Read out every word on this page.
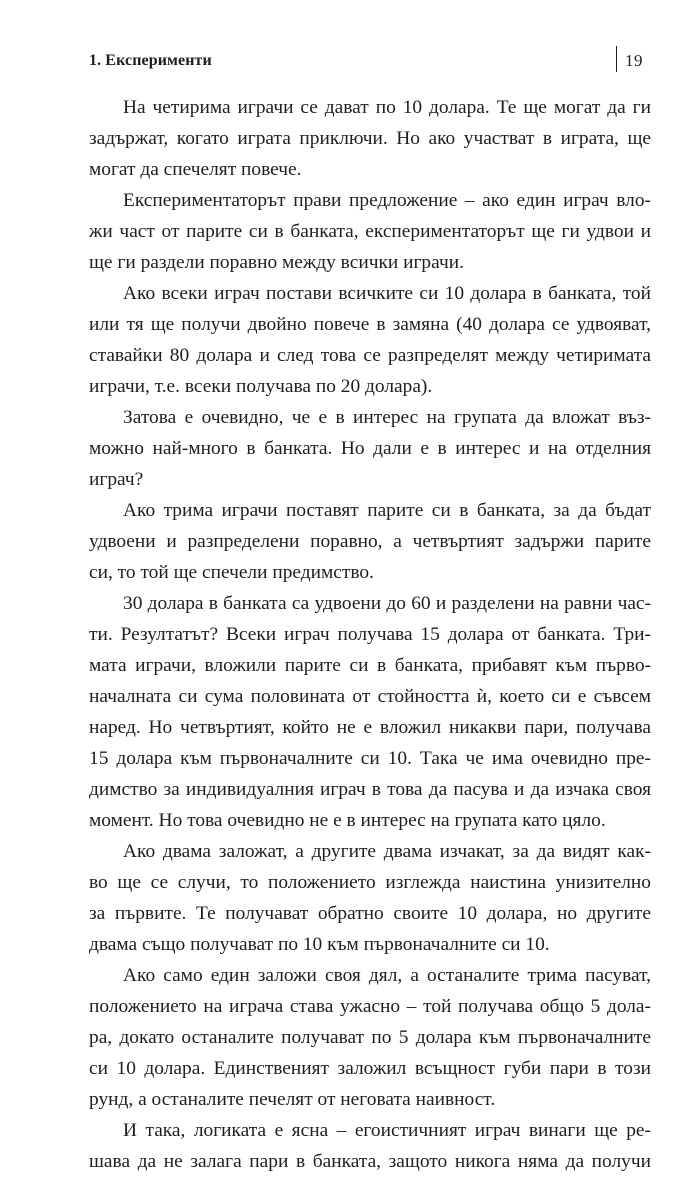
1. Експерименти	19
На четирима играчи се дават по 10 долара. Те ще могат да ги
задържат, когато играта приключи. Но ако участват в играта, ще
могат да спечелят повече.
Експериментаторът прави предложение – ако един играч вло-
жи част от парите си в банката, експериментаторът ще ги удвои и
ще ги раздели поравно между всички играчи.
Ако всеки играч постави всичките си 10 долара в банката, той
или тя ще получи двойно повече в замяна (40 долара се удвояват,
ставайки 80 долара и след това се разпределят между четиримата
играчи, т.е. всеки получава по 20 долара).
Затова е очевидно, че е в интерес на групата да вложат въз-
можно най-много в банката. Но дали е в интерес и на отделния
играч?
Ако трима играчи поставят парите си в банката, за да бъдат
удвоени и разпределени поравно, а четвъртият задържи парите
си, то той ще спечели предимство.
30 долара в банката са удвоени до 60 и разделени на равни час-
ти. Резултатът? Всеки играч получава 15 долара от банката. Три-
мата играчи, вложили парите си в банката, прибавят към първо-
началната си сума половината от стойността ѝ, което си е съвсем
наред. Но четвъртият, който не е вложил никакви пари, получава
15 долара към първоначалните си 10. Така че има очевидно пре-
димство за индивидуалния играч в това да пасува и да изчака своя
момент. Но това очевидно не е в интерес на групата като цяло.
Ако двама заложат, а другите двама изчакат, за да видят как-
во ще се случи, то положението изглежда наистина унизително
за първите. Те получават обратно своите 10 долара, но другите
двама също получават по 10 към първоначалните си 10.
Ако само един заложи своя дял, а останалите трима пасуват,
положението на играча става ужасно – той получава общо 5 дола-
ра, докато останалите получават по 5 долара към първоначалните
си 10 долара. Единственият заложил всъщност губи пари в този
рунд, а останалите печелят от неговата наивност.
И така, логиката е ясна – егоистичният играч винаги ще ре-
шава да не залага пари в банката, защото никога няма да получи
